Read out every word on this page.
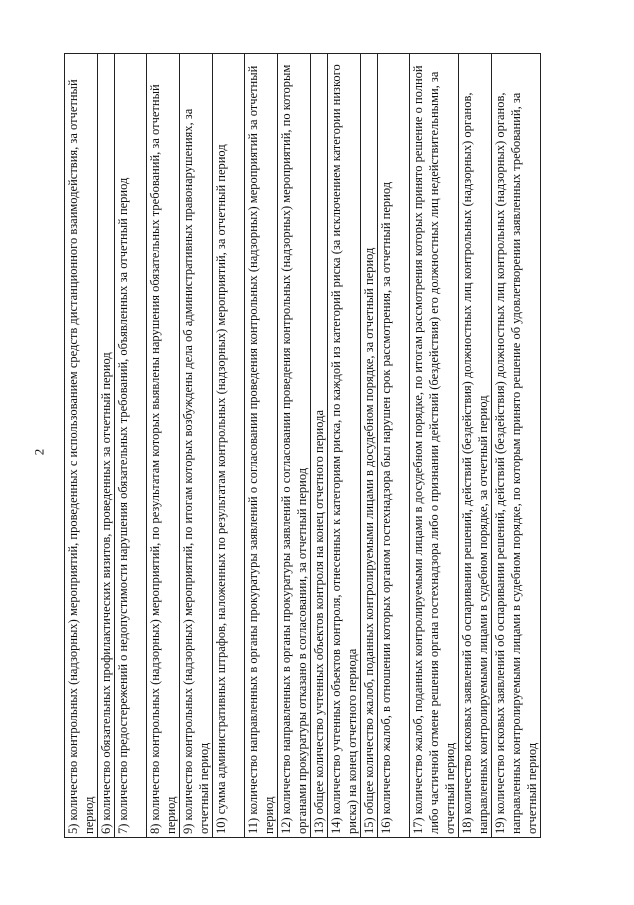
2 5) количество контрольных (надзорных) мероприятий, проведенных с использованием средств дистанционного взаимодействия, за отчетный период
6) количество обязательных профилактических визитов, проведенных за отчетный период
7) количество предостережений о недопустимости нарушения обязательных требований, объявленных за отчетный период
8) количество контрольных (надзорных) мероприятий, по результатам которых выявлены нарушения обязательных требований, за отчетный период
9) количество контрольных (надзорных) мероприятий, по итогам которых возбуждены дела об административных правонарушениях, за отчетный период
10) сумма административных штрафов, наложенных по результатам контрольных (надзорных) мероприятий, за отчетный период
11) количество направленных в органы прокуратуры заявлений о согласовании проведения контрольных (надзорных) мероприятий за отчетный период
12) количество направленных в органы прокуратуры заявлений о согласовании проведения контрольных (надзорных) мероприятий, по которым органами прокуратуры отказано в согласовании, за отчетный период
13) общее количество учтенных объектов контроля на конец отчетного периода
14) количество учтенных объектов контроля, отнесенных к категориям риска, по каждой из категорий риска (за исключением категории низкого риска) на конец отчетного периода
15) общее количество жалоб, поданных контролируемыми лицами в досудебном порядке, за отчетный период
16) количество жалоб, в отношении которых органом гостехнадзора был нарушен срок рассмотрения, за отчетный период
17) количество жалоб, поданных контролируемыми лицами в досудебном порядке, по итогам рассмотрения которых принято решение о полной либо частичной отмене решения органа гостехнадзора либо о признании действий (бездействия) его должностных лиц недействительными, за отчетный период
18) количество исковых заявлений об оспаривании решений, действий (бездействия) должностных лиц контрольных (надзорных) органов, направленных контролируемыми лицами в судебном порядке, за отчетный период
19) количество исковых заявлений об оспаривании решений, действий (бездействия) должностных лиц контрольных (надзорных) органов, направленных контролируемыми лицами в судебном порядке, по которым принято решение об удовлетворении заявленных требований, за отчетный период
